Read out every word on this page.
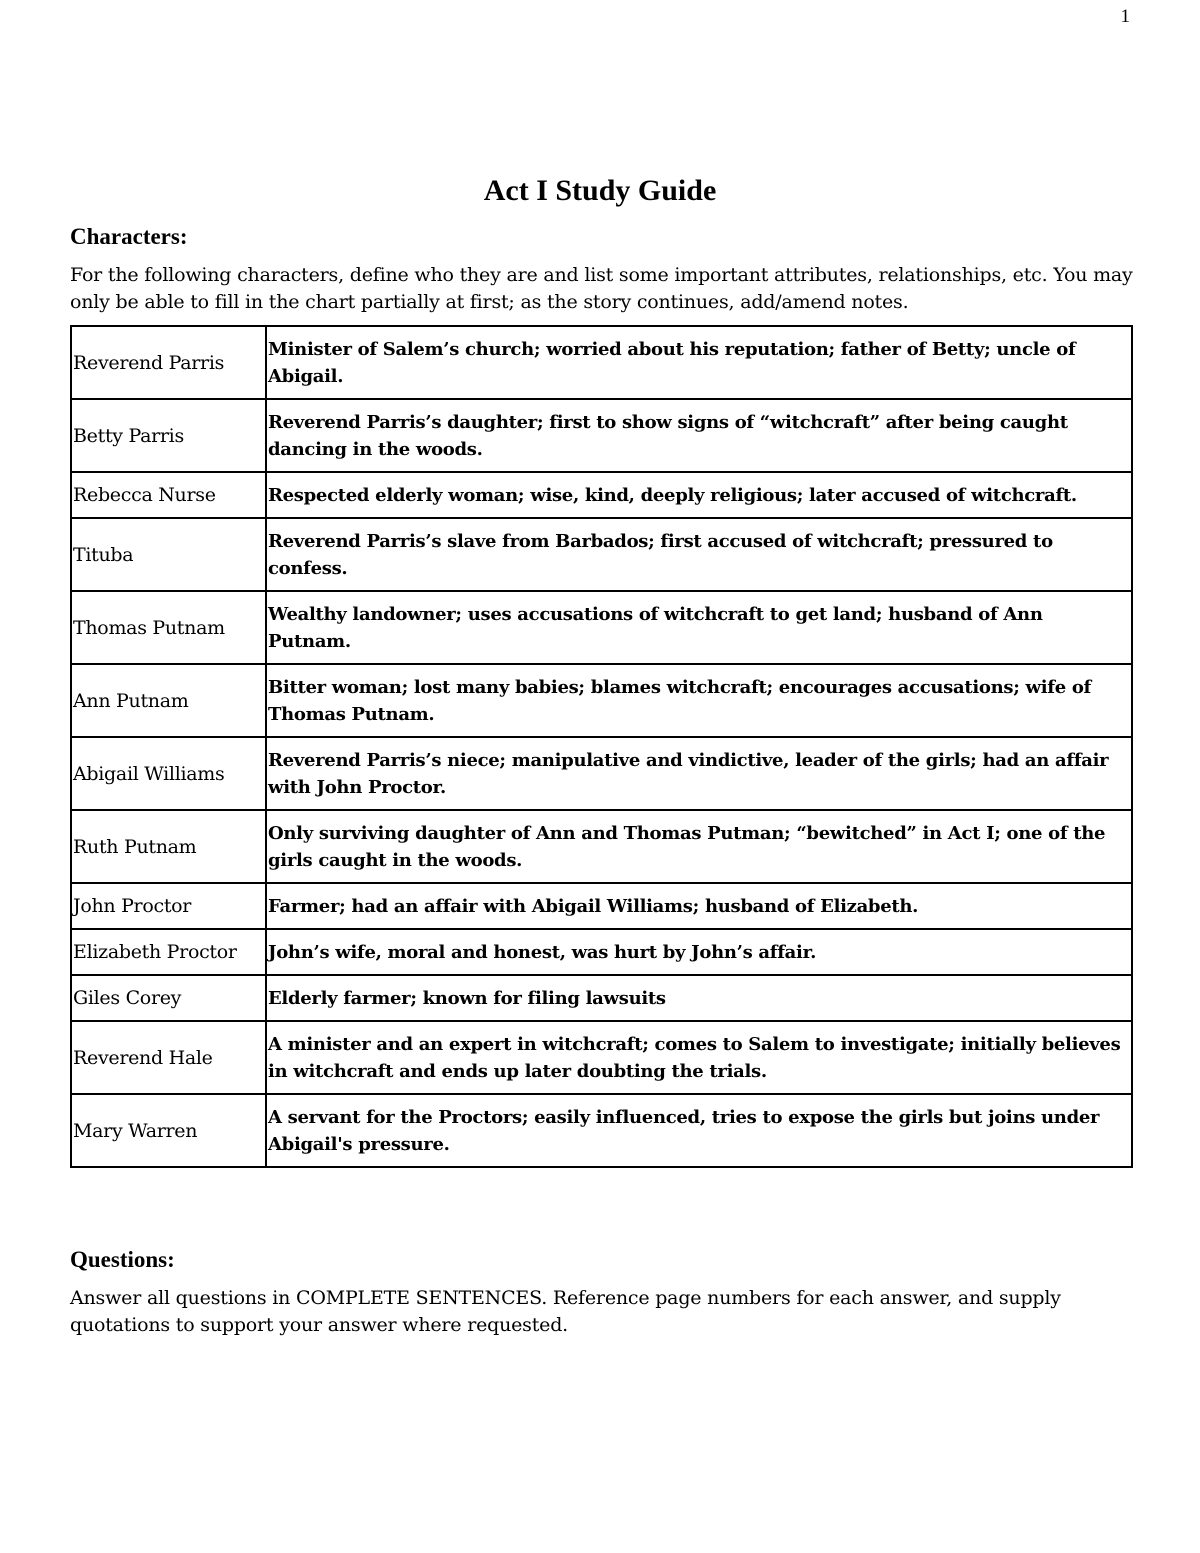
1
Act I Study Guide
Characters:

For the following characters, define who they are and list some important attributes, relationships, etc. You may only be able to fill in the chart partially at first; as the story continues, add/amend notes.

Reverend Parris	Minister of Salem’s church; worried about his reputation; father of Betty; uncle of Abigail.
Betty Parris	Reverend Parris’s daughter; first to show signs of “witchcraft” after being caught dancing in the woods.
Rebecca Nurse	Respected elderly woman; wise, kind, deeply religious; later accused of witchcraft.
Tituba	Reverend Parris’s slave from Barbados; first accused of witchcraft; pressured to confess.
Thomas Putnam	Wealthy landowner; uses accusations of witchcraft to get land; husband of Ann Putnam.
Ann Putnam	Bitter woman; lost many babies; blames witchcraft; encourages accusations; wife of Thomas Putnam.
Abigail Williams	Reverend Parris’s niece; manipulative and vindictive, leader of the girls; had an affair with John Proctor.
Ruth Putnam	Only surviving daughter of Ann and Thomas Putman; “bewitched” in Act I; one of the girls caught in the woods.
John Proctor	Farmer; had an affair with Abigail Williams; husband of Elizabeth.
Elizabeth Proctor	John’s wife, moral and honest, was hurt by John’s affair.
Giles Corey	Elderly farmer; known for filing lawsuits
Reverend Hale	A minister and an expert in witchcraft; comes to Salem to investigate; initially believes in witchcraft and ends up later doubting the trials.
Mary Warren	A servant for the Proctors; easily influenced, tries to expose the girls but joins under Abigail's pressure.
Questions:

Answer all questions in COMPLETE SENTENCES. Reference page numbers for each answer, and supply quotations to support your answer where requested.
